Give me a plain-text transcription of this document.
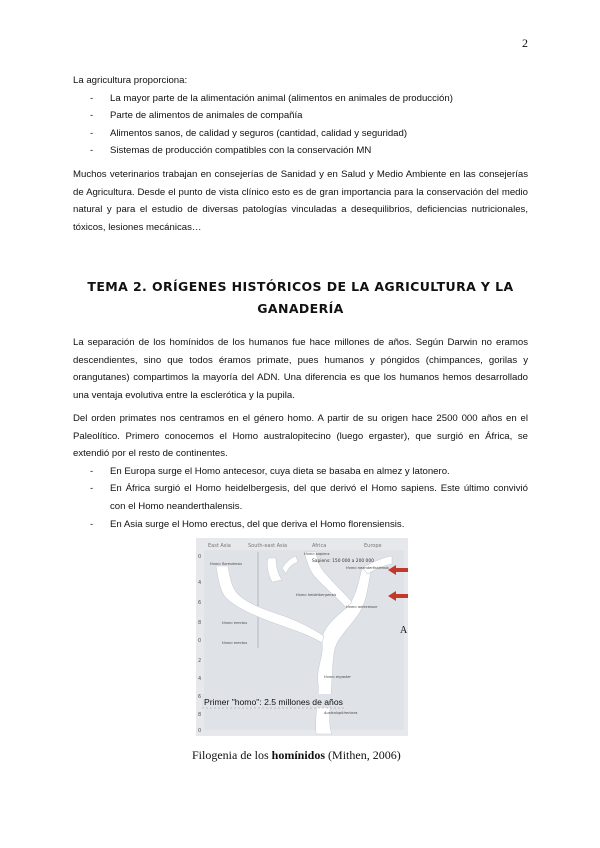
2
La agricultura proporciona:
- La mayor parte de la alimentación animal (alimentos en animales de producción)
- Parte de alimentos de animales de compañía
- Alimentos sanos, de calidad y seguros (cantidad, calidad y seguridad)
- Sistemas de producción compatibles con la conservación MN
Muchos veterinarios trabajan en consejerías de Sanidad y en Salud y Medio Ambiente en las consejerías de Agricultura. Desde el punto de vista clínico esto es de gran importancia para la conservación del medio natural y para el estudio de diversas patologías vinculadas a desequilibrios, deficiencias nutricionales, tóxicos, lesiones mecánicas…
TEMA 2. ORÍGENES HISTÓRICOS DE LA AGRICULTURA Y LA GANADERÍA
La separación de los homínidos de los humanos fue hace millones de años. Según Darwin no eramos descendientes, sino que todos éramos primate, pues humanos y póngidos (chimpances, gorilas y orangutanes) compartimos la mayoría del ADN. Una diferencia es que los humanos hemos desarrollado una ventaja evolutiva entre la esclerótica y la pupila.
Del orden primates nos centramos en el género homo. A partir de su origen hace 2500 000 años en el Paleolítico. Primero conocemos el Homo australopitecino (luego ergaster), que surgió en África, se extendió por el resto de continentes.
- En Europa surge el Homo antecesor, cuya dieta se basaba en almez y latonero.
- En África surgió el Homo heidelbergesis, del que derivó el Homo sapiens. Este último convivió con el Homo neanderthalensis.
- En Asia surge el Homo erectus, del que deriva el Homo florensiensis.
East Asia	South-east Asia	Africa	Europe
0
4
6
8
0
2
4
6
8
0
Homo floresiensis
Homo sapiens
Sapiens: 150 000 a 200 000
Homo neanderthalensis
Homo heidelbergensis
Homo antecessor
Homo erectus
Homo erectus
Homo ergaster
Australopithecines
Primer "homo": 2.5 millones de años
A
Filogenia de los homínidos (Mithen, 2006)
